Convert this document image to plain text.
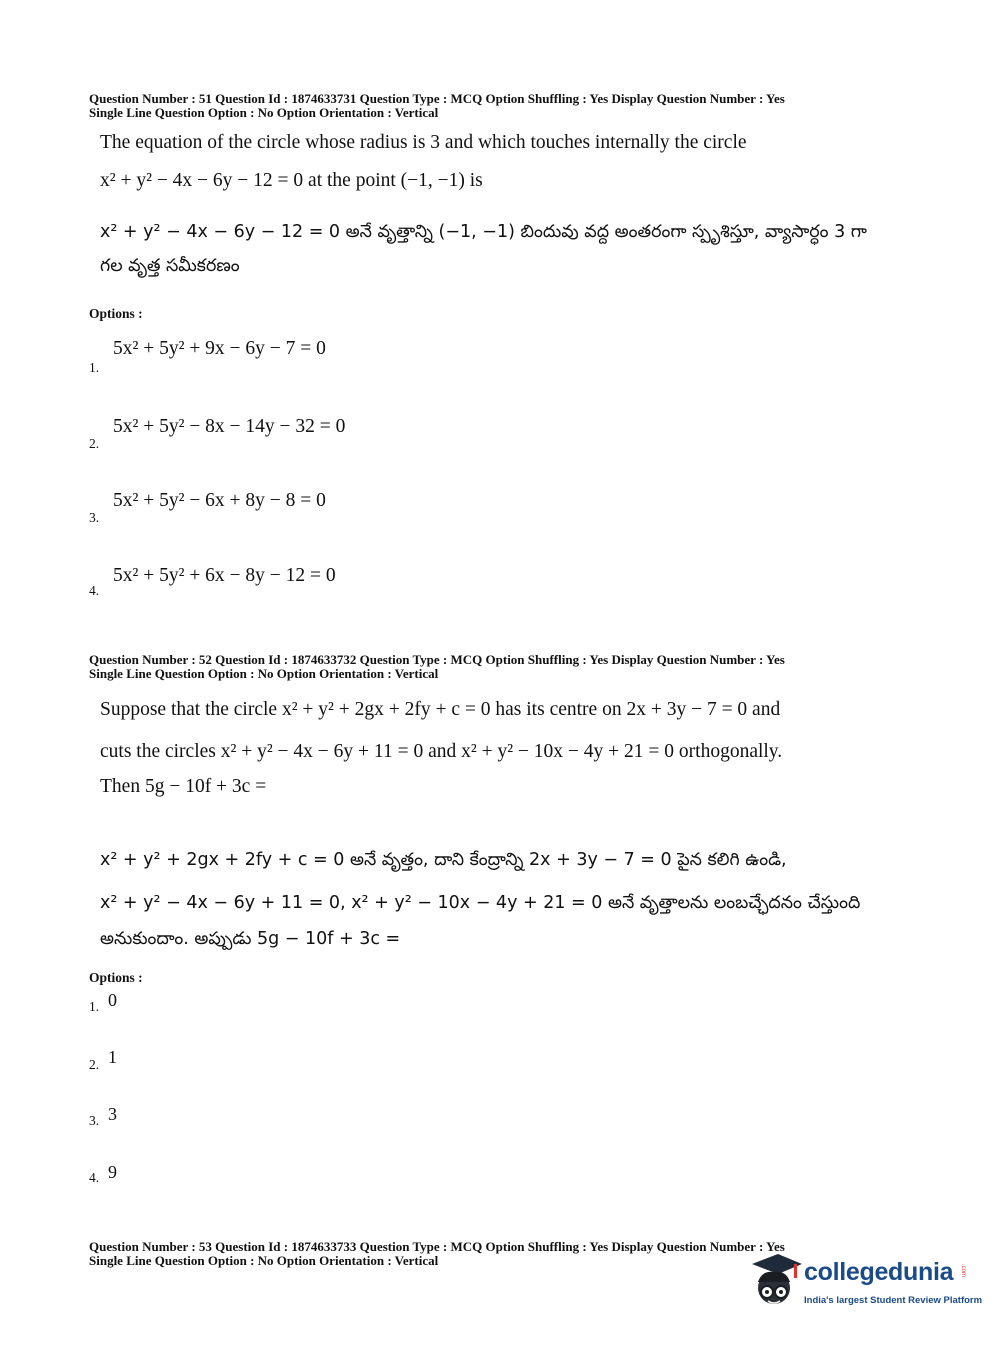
Question Number : 51 Question Id : 1874633731 Question Type : MCQ Option Shuffling : Yes Display Question Number : Yes
Single Line Question Option : No Option Orientation : Vertical
The equation of the circle whose radius is 3 and which touches internally the circle
x² + y² − 4x − 6y − 12 = 0 at the point (−1, −1) is
x² + y² − 4x − 6y − 12 = 0 అనే వృత్తాన్ని (−1, −1) బిందువు వద్ద అంతరంగా స్పృశిస్తూ, వ్యాసార్ధం 3 గా
గల వృత్త సమీకరణం
Options :
5x² + 5y² + 9x − 6y − 7 = 0
1.
5x² + 5y² − 8x − 14y − 32 = 0
2.
5x² + 5y² − 6x + 8y − 8 = 0
3.
5x² + 5y² + 6x − 8y − 12 = 0
4.
Question Number : 52 Question Id : 1874633732 Question Type : MCQ Option Shuffling : Yes Display Question Number : Yes
Single Line Question Option : No Option Orientation : Vertical
Suppose that the circle x² + y² + 2gx + 2fy + c = 0 has its centre on 2x + 3y − 7 = 0 and
cuts the circles x² + y² − 4x − 6y + 11 = 0 and x² + y² − 10x − 4y + 21 = 0 orthogonally.
Then 5g − 10f + 3c =
x² + y² + 2gx + 2fy + c = 0 అనే వృత్తం, దాని కేంద్రాన్ని 2x + 3y − 7 = 0 పైన కలిగి ఉండి,
x² + y² − 4x − 6y + 11 = 0, x² + y² − 10x − 4y + 21 = 0 అనే వృత్తాలను లంబచ్ఛేదనం చేస్తుంది
అనుకుందాం. అప్పుడు 5g − 10f + 3c =
Options :
1. 0
2. 1
3. 3
4. 9
Question Number : 53 Question Id : 1874633733 Question Type : MCQ Option Shuffling : Yes Display Question Number : Yes
Single Line Question Option : No Option Orientation : Vertical	collegedunia .com
India's largest Student Review Platform
